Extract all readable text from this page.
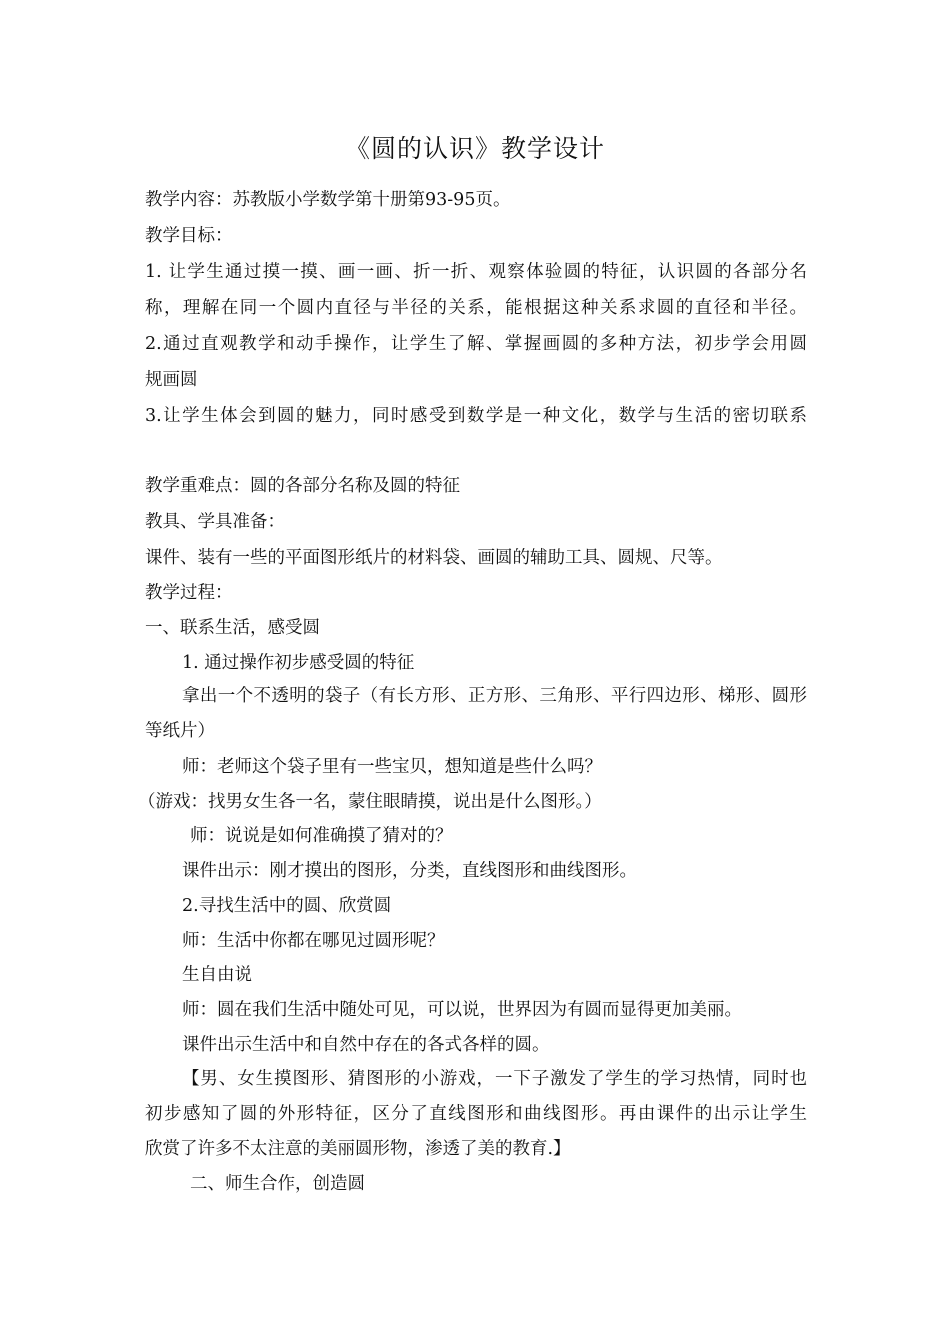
《圆的认识》教学设计
教学内容：苏教版小学数学第十册第93-95页。
教学目标：
1. 让学生通过摸一摸、画一画、折一折、观察体验圆的特征，认识圆的各部分名
称，理解在同一个圆内直径与半径的关系，能根据这种关系求圆的直径和半径。
2.通过直观教学和动手操作，让学生了解、掌握画圆的多种方法，初步学会用圆
规画圆
3.让学生体会到圆的魅力，同时感受到数学是一种文化，数学与生活的密切联系
教学重难点：圆的各部分名称及圆的特征
教具、学具准备：
课件、装有一些的平面图形纸片的材料袋、画圆的辅助工具、圆规、尺等。
教学过程：
一、联系生活，感受圆
1. 通过操作初步感受圆的特征
拿出一个不透明的袋子（有长方形、正方形、三角形、平行四边形、梯形、圆形
等纸片）
师：老师这个袋子里有一些宝贝，想知道是些什么吗？
（游戏：找男女生各一名，蒙住眼睛摸，说出是什么图形。）
师：说说是如何准确摸了猜对的？
课件出示：刚才摸出的图形，分类，直线图形和曲线图形。
2.寻找生活中的圆、欣赏圆
师：生活中你都在哪见过圆形呢？
生自由说
师：圆在我们生活中随处可见，可以说，世界因为有圆而显得更加美丽。
课件出示生活中和自然中存在的各式各样的圆。
【男、女生摸图形、猜图形的小游戏，一下子激发了学生的学习热情，同时也
初步感知了圆的外形特征，区分了直线图形和曲线图形。再由课件的出示让学生
欣赏了许多不太注意的美丽圆形物，渗透了美的教育.】
二、师生合作，创造圆
